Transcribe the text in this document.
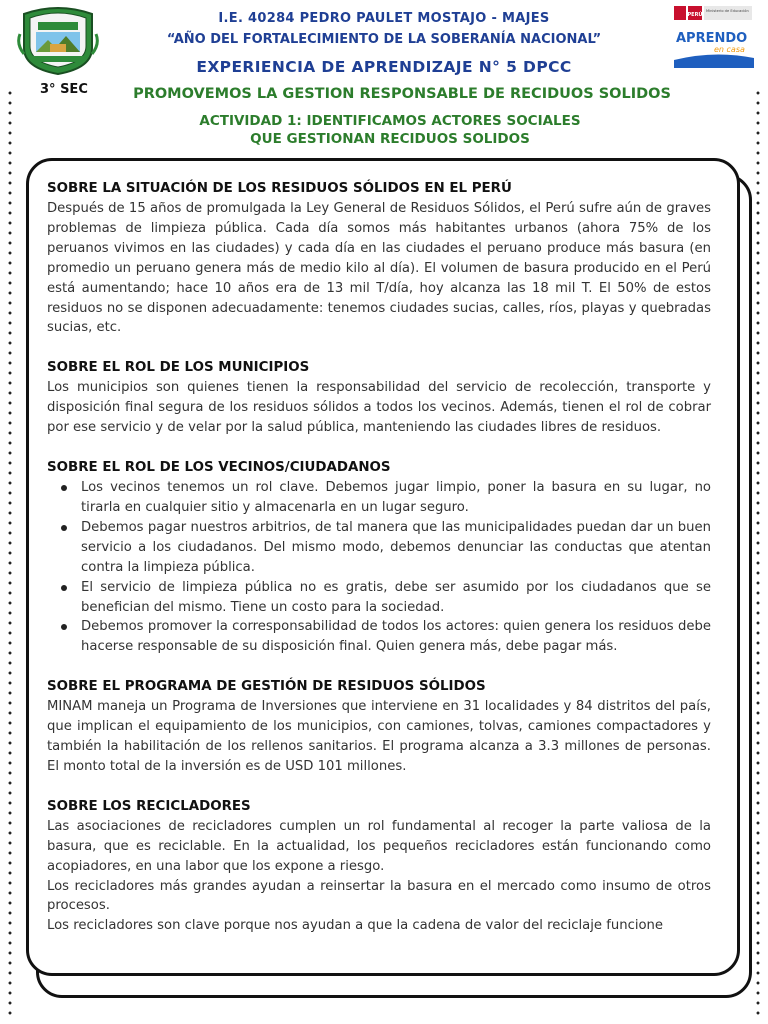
PERÚ
Ministerio de Educación
APRENDO
en casa
I.E. 40284 PEDRO PAULET MOSTAJO - MAJES
“AÑO DEL FORTALECIMIENTO DE LA SOBERANÍA NACIONAL”
EXPERIENCIA DE APRENDIZAJE N° 5 DPCC
3° SEC	PROMOVEMOS LA GESTION RESPONSABLE DE RECIDUOS SOLIDOS
ACTIVIDAD 1: IDENTIFICAMOS ACTORES SOCIALES QUE GESTIONAN RECIDUOS SOLIDOS

SOBRE LA SITUACIÓN DE LOS RESIDUOS SÓLIDOS EN EL PERÚ

Después de 15 años de promulgada la Ley General de Residuos Sólidos, el Perú sufre aún de graves problemas de limpieza pública. Cada día somos más habitantes urbanos (ahora 75% de los peruanos vivimos en las ciudades) y cada día en las ciudades el peruano produce más basura (en promedio un peruano genera más de medio kilo al día). El volumen de basura producido en el Perú está aumentando; hace 10 años era de 13 mil T/día, hoy alcanza las 18 mil T. El 50% de estos residuos no se disponen adecuadamente: tenemos ciudades sucias, calles, ríos, playas y quebradas sucias, etc.

SOBRE EL ROL DE LOS MUNICIPIOS

Los municipios son quienes tienen la responsabilidad del servicio de recolección, transporte y disposición final segura de los residuos sólidos a todos los vecinos. Además, tienen el rol de cobrar por ese servicio y de velar por la salud pública, manteniendo las ciudades libres de residuos.

SOBRE EL ROL DE LOS VECINOS/CIUDADANOS

Los vecinos tenemos un rol clave. Debemos jugar limpio, poner la basura en su lugar, no tirarla en cualquier sitio y almacenarla en un lugar seguro.
Debemos pagar nuestros arbitrios, de tal manera que las municipalidades puedan dar un buen servicio a los ciudadanos. Del mismo modo, debemos denunciar las conductas que atentan contra la limpieza pública.
El servicio de limpieza pública no es gratis, debe ser asumido por los ciudadanos que se benefician del mismo. Tiene un costo para la sociedad.
Debemos promover la corresponsabilidad de todos los actores: quien genera los residuos debe hacerse responsable de su disposición final. Quien genera más, debe pagar más.

SOBRE EL PROGRAMA DE GESTIÓN DE RESIDUOS SÓLIDOS

MINAM maneja un Programa de Inversiones que interviene en 31 localidades y 84 distritos del país, que implican el equipamiento de los municipios, con camiones, tolvas, camiones compactadores y también la habilitación de los rellenos sanitarios. El programa alcanza a 3.3 millones de personas. El monto total de la inversión es de USD 101 millones.

SOBRE LOS RECICLADORES

Las asociaciones de recicladores cumplen un rol fundamental al recoger la parte valiosa de la basura, que es reciclable. En la actualidad, los pequeños recicladores están funcionando como acopiadores, en una labor que los expone a riesgo.

Los recicladores más grandes ayudan a reinsertar la basura en el mercado como insumo de otros procesos.

Los recicladores son clave porque nos ayudan a que la cadena de valor del reciclaje funcione
